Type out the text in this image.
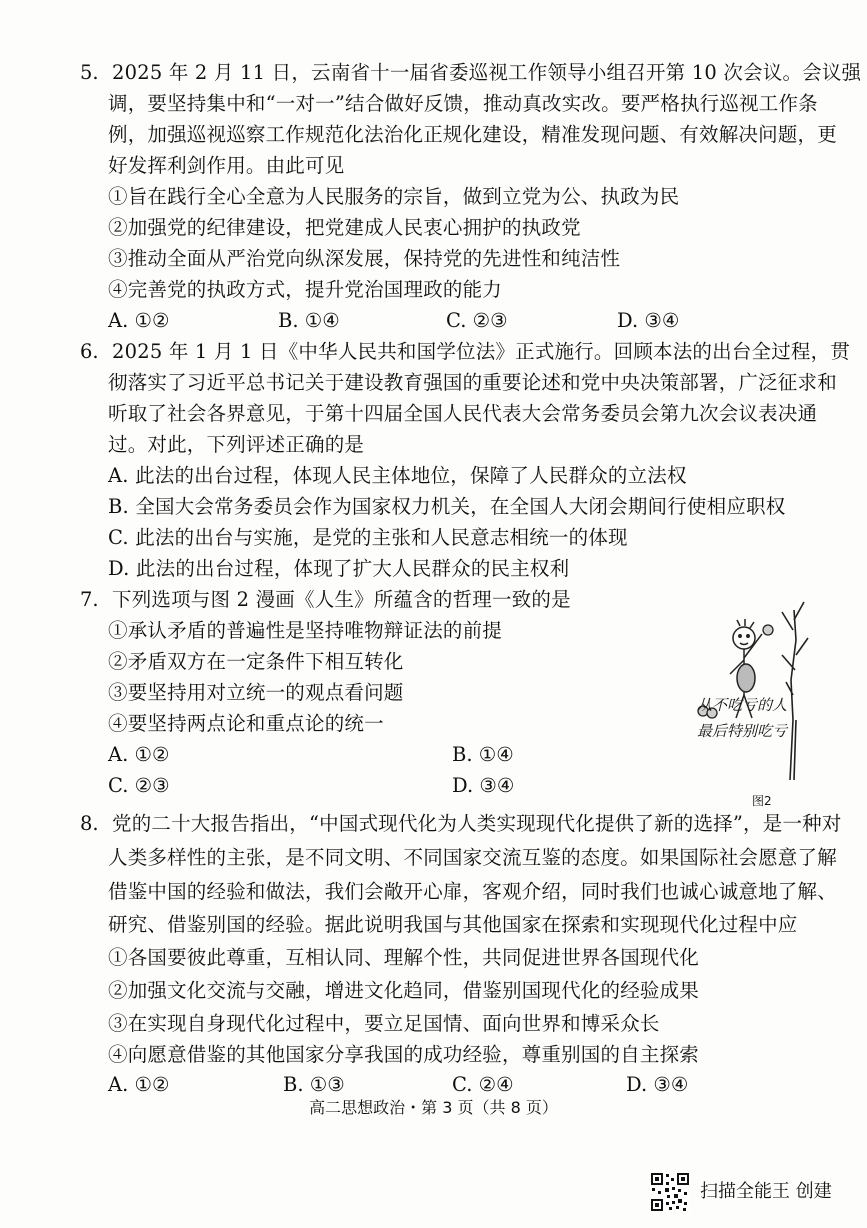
5. 2025 年 2 月 11 日，云南省十一届省委巡视工作领导小组召开第 10 次会议。会议强
调，要坚持集中和“一对一”结合做好反馈，推动真改实改。要严格执行巡视工作条
例，加强巡视巡察工作规范化法治化正规化建设，精准发现问题、有效解决问题，更
好发挥利剑作用。由此可见
①旨在践行全心全意为人民服务的宗旨，做到立党为公、执政为民
②加强党的纪律建设，把党建成人民衷心拥护的执政党
③推动全面从严治党向纵深发展，保持党的先进性和纯洁性
④完善党的执政方式，提升党治国理政的能力
A. ①②	B. ①④	C. ②③	D. ③④
6. 2025 年 1 月 1 日《中华人民共和国学位法》正式施行。回顾本法的出台全过程，贯
彻落实了习近平总书记关于建设教育强国的重要论述和党中央决策部署，广泛征求和
听取了社会各界意见，于第十四届全国人民代表大会常务委员会第九次会议表决通
过。对此，下列评述正确的是
A. 此法的出台过程，体现人民主体地位，保障了人民群众的立法权
B. 全国大会常务委员会作为国家权力机关，在全国人大闭会期间行使相应职权
C. 此法的出台与实施，是党的主张和人民意志相统一的体现
D. 此法的出台过程，体现了扩大人民群众的民主权利
7. 下列选项与图 2 漫画《人生》所蕴含的哲理一致的是
①承认矛盾的普遍性是坚持唯物辩证法的前提
②矛盾双方在一定条件下相互转化
③要坚持用对立统一的观点看问题
④要坚持两点论和重点论的统一
A. ①②	B. ①④
C. ②③	D. ③④
从不吃亏的人
最后特别吃亏
图2
8. 党的二十大报告指出，“中国式现代化为人类实现现代化提供了新的选择”，是一种对
人类多样性的主张，是不同文明、不同国家交流互鉴的态度。如果国际社会愿意了解
借鉴中国的经验和做法，我们会敞开心扉，客观介绍，同时我们也诚心诚意地了解、
研究、借鉴别国的经验。据此说明我国与其他国家在探索和实现现代化过程中应
①各国要彼此尊重，互相认同、理解个性，共同促进世界各国现代化
②加强文化交流与交融，增进文化趋同，借鉴别国现代化的经验成果
③在实现自身现代化过程中，要立足国情、面向世界和博采众长
④向愿意借鉴的其他国家分享我国的成功经验，尊重别国的自主探索
A. ①②	B. ①③	C. ②④	D. ③④
高二思想政治・第 3 页（共 8 页）
扫描全能王 创建
